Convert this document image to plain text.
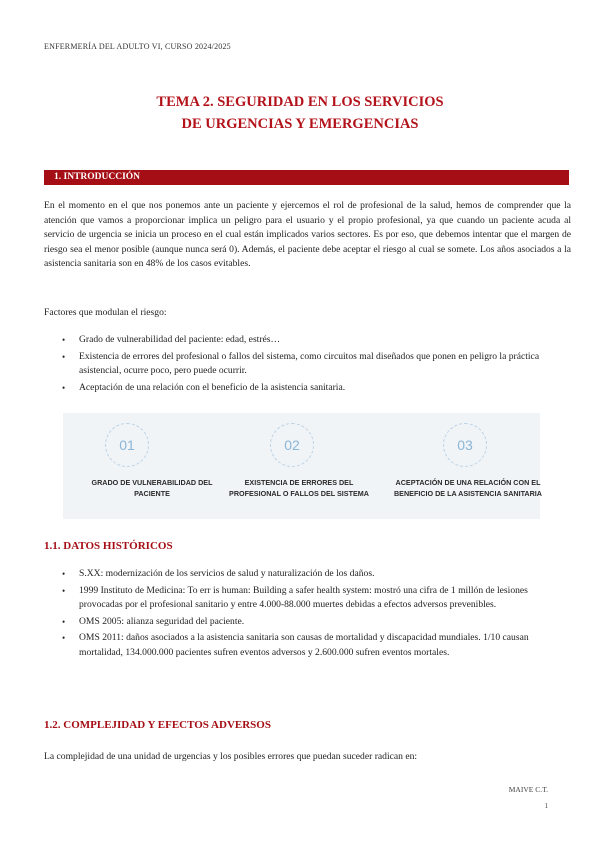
ENFERMERÍA DEL ADULTO VI, CURSO 2024/2025
TEMA 2. SEGURIDAD EN LOS SERVICIOS
DE URGENCIAS Y EMERGENCIAS
1. INTRODUCCIÓN

En el momento en el que nos ponemos ante un paciente y ejercemos el rol de profesional de la salud, hemos de comprender que la atención que vamos a proporcionar implica un peligro para el usuario y el propio profesional, ya que cuando un paciente acuda al servicio de urgencia se inicia un proceso en el cual están implicados varios sectores. Es por eso, que debemos intentar que el margen de riesgo sea el menor posible (aunque nunca será 0). Además, el paciente debe aceptar el riesgo al cual se somete. Los años asociados a la asistencia sanitaria son en 48% de los casos evitables.

Factores que modulan el riesgo:

• Grado de vulnerabilidad del paciente: edad, estrés…
• Existencia de errores del profesional o fallos del sistema, como circuitos mal diseñados que ponen en peligro la práctica asistencial, ocurre poco, pero puede ocurrir.
• Aceptación de una relación con el beneficio de la asistencia sanitaria.
01
GRADO DE VULNERABILIDAD DEL PACIENTE
02
EXISTENCIA DE ERRORES DEL PROFESIONAL O FALLOS DEL SISTEMA
03
ACEPTACIÓN DE UNA RELACIÓN CON EL BENEFICIO DE LA ASISTENCIA SANITARIA
1.1. DATOS HISTÓRICOS
• S.XX: modernización de los servicios de salud y naturalización de los daños.
• 1999 Instituto de Medicina: To err is human: Building a safer health system: mostró una cifra de 1 millón de lesiones provocadas por el profesional sanitario y entre 4.000-88.000 muertes debidas a efectos adversos prevenibles.
• OMS 2005: alianza seguridad del paciente.
• OMS 2011: daños asociados a la asistencia sanitaria son causas de mortalidad y discapacidad mundiales. 1/10 causan mortalidad, 134.000.000 pacientes sufren eventos adversos y 2.600.000 sufren eventos mortales.
1.2. COMPLEJIDAD Y EFECTOS ADVERSOS

La complejidad de una unidad de urgencias y los posibles errores que puedan suceder radican en:

MAIVE C.T.
1
